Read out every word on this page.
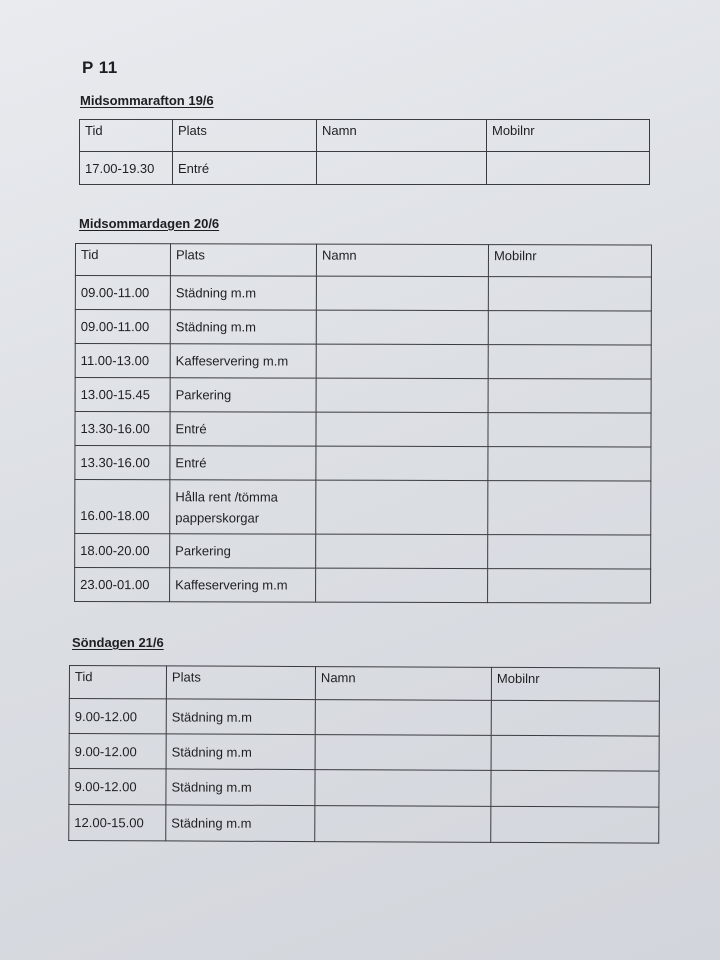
P 11
Midsommarafton 19/6
Tid	Plats	Namn	Mobilnr
17.00-19.30	Entré		
Midsommardagen 20/6
Tid	Plats	Namn	Mobilnr
09.00-11.00	Städning m.m		
09.00-11.00	Städning m.m		
11.00-13.00	Kaffeservering m.m		
13.00-15.45	Parkering		
13.30-16.00	Entré		
13.30-16.00	Entré		
16.00-18.00	Hålla rent /tömma papperskorgar		
18.00-20.00	Parkering		
23.00-01.00	Kaffeservering m.m		
Söndagen 21/6
Tid	Plats	Namn	Mobilnr
9.00-12.00	Städning m.m		
9.00-12.00	Städning m.m		
9.00-12.00	Städning m.m		
12.00-15.00	Städning m.m		
